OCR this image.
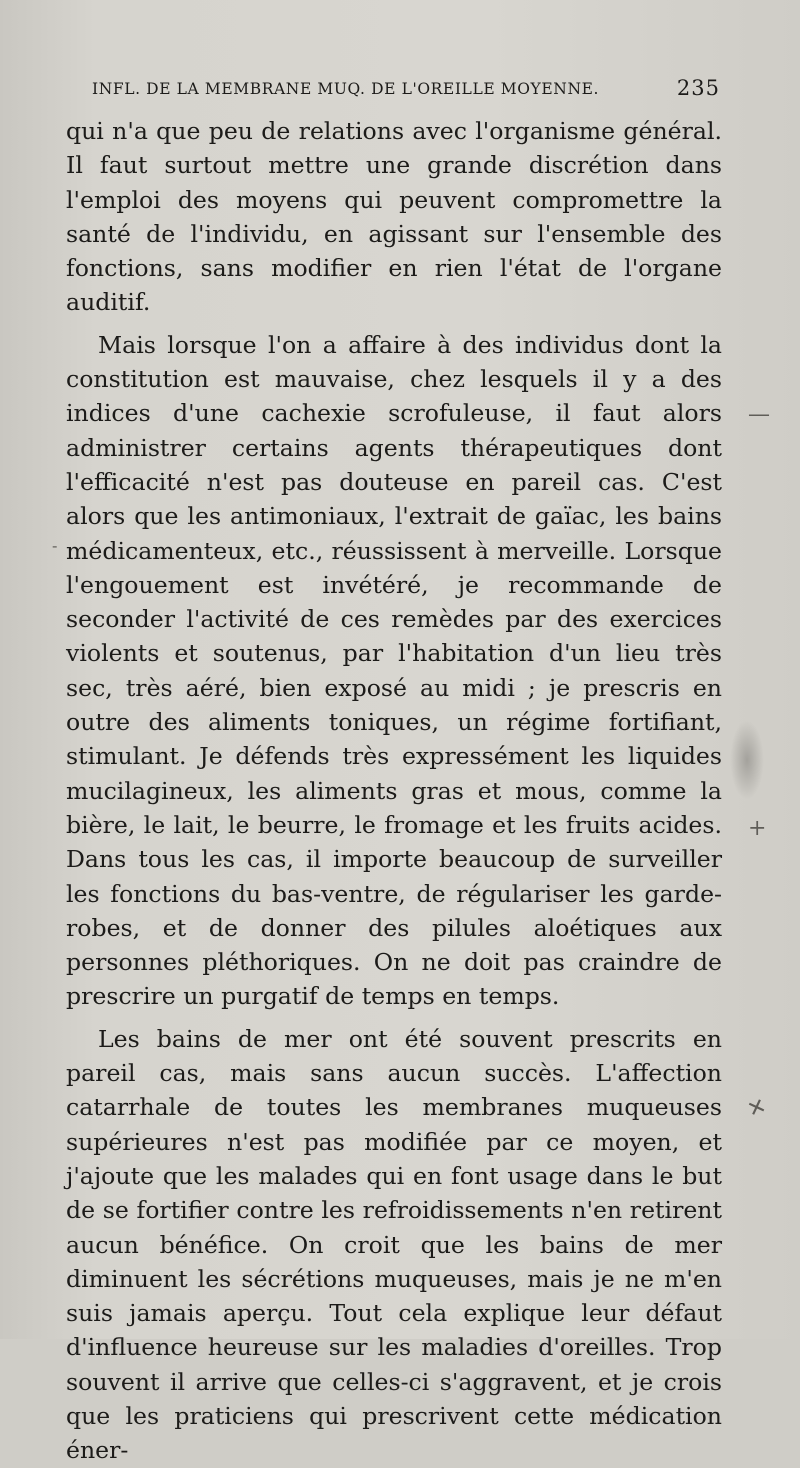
INFL. DE LA MEMBRANE MUQ. DE L'OREILLE MOYENNE.	235

qui n'a que peu de relations avec l'organisme général. Il faut surtout mettre une grande discrétion dans l'emploi des moyens qui peuvent compromettre la santé de l'individu, en agissant sur l'ensemble des fonctions, sans modifier en rien l'état de l'organe auditif.

Mais lorsque l'on a affaire à des individus dont la constitution est mauvaise, chez lesquels il y a des indices d'une cachexie scrofuleuse, il faut alors administrer certains agents thérapeutiques dont l'efficacité n'est pas douteuse en pareil cas. C'est alors que les antimoniaux, l'extrait de gaïac, les bains médicamenteux, etc., réussissent à merveille. Lorsque l'engouement est invétéré, je recommande de seconder l'activité de ces remèdes par des exercices violents et soutenus, par l'habitation d'un lieu très sec, très aéré, bien exposé au midi ; je prescris en outre des aliments toniques, un régime fortifiant, stimulant. Je défends très expressément les liquides mucilagineux, les aliments gras et mous, comme la bière, le lait, le beurre, le fromage et les fruits acides. Dans tous les cas, il importe beaucoup de surveiller les fonctions du bas-ventre, de régulariser les garde-robes, et de donner des pilules aloétiques aux personnes pléthoriques. On ne doit pas craindre de prescrire un purgatif de temps en temps.

Les bains de mer ont été souvent prescrits en pareil cas, mais sans aucun succès. L'affection catarrhale de toutes les membranes muqueuses supérieures n'est pas modifiée par ce moyen, et j'ajoute que les malades qui en font usage dans le but de se fortifier contre les refroidissements n'en retirent aucun bénéfice. On croit que les bains de mer diminuent les sécrétions muqueuses, mais je ne m'en suis jamais aperçu. Tout cela explique leur défaut d'influence heureuse sur les maladies d'oreilles. Trop souvent il arrive que celles-ci s'aggravent, et je crois que les praticiens qui prescrivent cette médication éner-

—
-
+
✕
